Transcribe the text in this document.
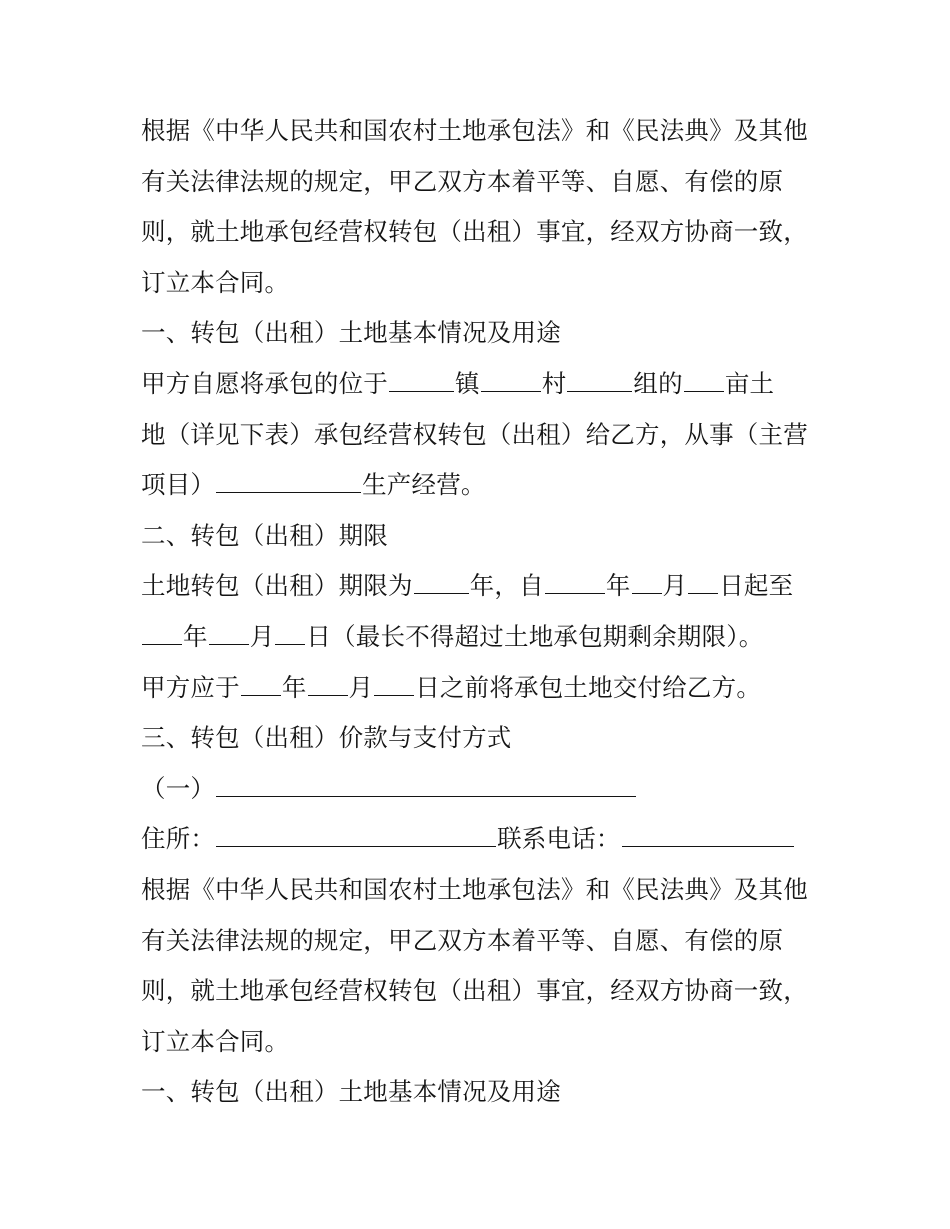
根据《中华人民共和国农村土地承包法》和《民法典》及其他
有关法律法规的规定，甲乙双方本着平等、自愿、有偿的原
则，就土地承包经营权转包（出租）事宜，经双方协商一致，
订立本合同。
一、转包（出租）土地基本情况及用途
甲方自愿将承包的位于	镇	村	组的 亩土
地（详见下表）承包经营权转包（出租）给乙方，从事（主营
项目）	生产经营。
二、转包（出租）期限
土地转包（出租）期限为 年，自	年 月 日起至
年 月 日（最长不得超过土地承包期剩余期限）。
甲方应于 年 月 日之前将承包土地交付给乙方。
三、转包（出租）价款与支付方式
（一）
住所：	联系电话：
根据《中华人民共和国农村土地承包法》和《民法典》及其他
有关法律法规的规定，甲乙双方本着平等、自愿、有偿的原
则，就土地承包经营权转包（出租）事宜，经双方协商一致，
订立本合同。
一、转包（出租）土地基本情况及用途
